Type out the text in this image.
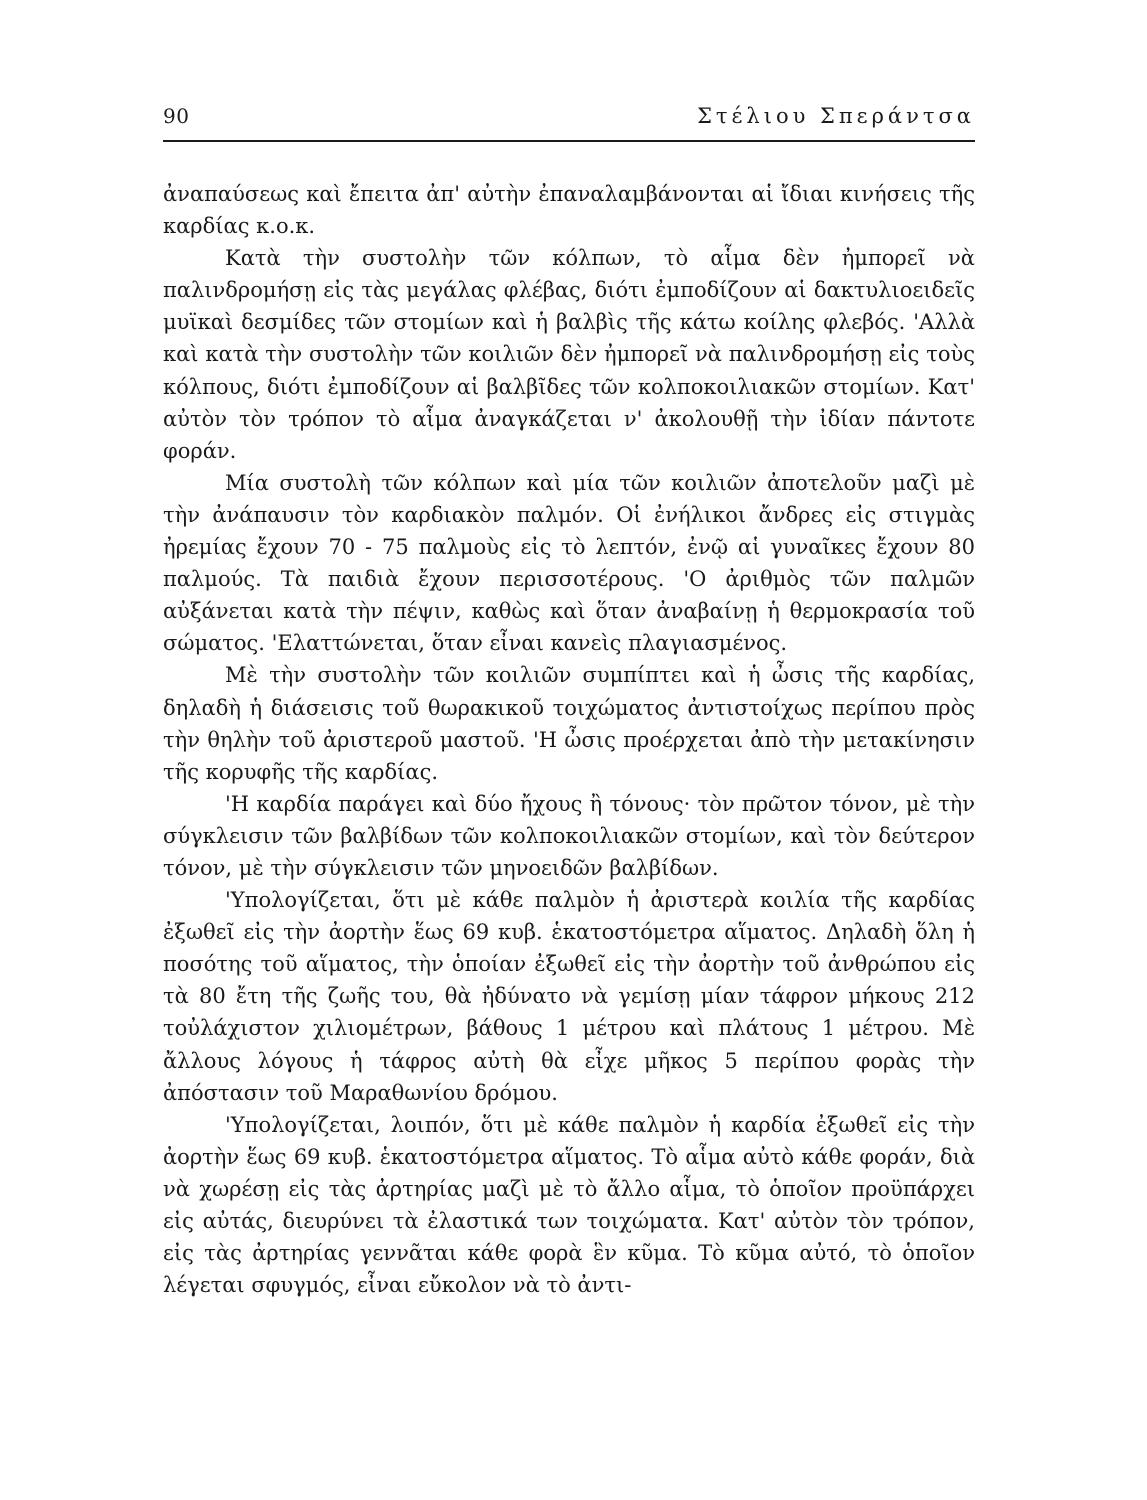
90	Στέλιου Σπεράντσα

ἀναπαύσεως καὶ ἔπειτα ἀπ' αὐτὴν ἐπαναλαμβάνονται αἱ ἴδιαι κινήσεις τῆς καρδίας κ.ο.κ.

Κατὰ τὴν συστολὴν τῶν κόλπων, τὸ αἷμα δὲν ἠμπορεῖ νὰ παλινδρομήσῃ εἰς τὰς μεγάλας φλέβας, διότι ἐμποδίζουν αἱ δακτυλιοειδεῖς μυϊκαὶ δεσμίδες τῶν στομίων καὶ ἡ βαλβὶς τῆς κάτω κοίλης φλεβός. 'Αλλὰ καὶ κατὰ τὴν συστολὴν τῶν κοιλιῶν δὲν ἠμπορεῖ νὰ παλινδρομήσῃ εἰς τοὺς κόλπους, διότι ἐμποδίζουν αἱ βαλβῖδες τῶν κολποκοιλιακῶν στομίων. Κατ' αὐτὸν τὸν τρόπον τὸ αἷμα ἀναγκάζεται ν' ἀκολουθῇ τὴν ἰδίαν πάντοτε φοράν.

Μία συστολὴ τῶν κόλπων καὶ μία τῶν κοιλιῶν ἀποτελοῦν μαζὶ μὲ τὴν ἀνάπαυσιν τὸν καρδιακὸν παλμόν. Οἱ ἐνήλικοι ἄνδρες εἰς στιγμὰς ἠρεμίας ἔχουν 70 - 75 παλμοὺς εἰς τὸ λεπτόν, ἐνῷ αἱ γυναῖκες ἔχουν 80 παλμούς. Τὰ παιδιὰ ἔχουν περισσοτέρους. 'Ο ἀριθμὸς τῶν παλμῶν αὐξάνεται κατὰ τὴν πέψιν, καθὼς καὶ ὅταν ἀναβαίνῃ ἡ θερμοκρασία τοῦ σώματος. 'Ελαττώνεται, ὅταν εἶναι κανεὶς πλαγιασμένος.

Μὲ τὴν συστολὴν τῶν κοιλιῶν συμπίπτει καὶ ἡ ὦσις τῆς καρδίας, δηλαδὴ ἡ διάσεισις τοῦ θωρακικοῦ τοιχώματος ἀντιστοίχως περίπου πρὸς τὴν θηλὴν τοῦ ἀριστεροῦ μαστοῦ. 'Η ὦσις προέρχεται ἀπὸ τὴν μετακίνησιν τῆς κορυφῆς τῆς καρδίας.

'Η καρδία παράγει καὶ δύο ἤχους ἢ τόνους· τὸν πρῶτον τόνον, μὲ τὴν σύγκλεισιν τῶν βαλβίδων τῶν κολποκοιλιακῶν στομίων, καὶ τὸν δεύτερον τόνον, μὲ τὴν σύγκλεισιν τῶν μηνοειδῶν βαλβίδων.

'Υπολογίζεται, ὅτι μὲ κάθε παλμὸν ἡ ἀριστερὰ κοιλία τῆς καρδίας ἐξωθεῖ εἰς τὴν ἀορτὴν ἕως 69 κυβ. ἑκατοστόμετρα αἵματος. Δηλαδὴ ὅλη ἡ ποσότης τοῦ αἵματος, τὴν ὁποίαν ἐξωθεῖ εἰς τὴν ἀορτὴν τοῦ ἀνθρώπου εἰς τὰ 80 ἔτη τῆς ζωῆς του, θὰ ἠδύνατο νὰ γεμίσῃ μίαν τάφρον μήκους 212 τοὐλάχιστον χιλιομέτρων, βάθους 1 μέτρου καὶ πλάτους 1 μέτρου. Μὲ ἄλλους λόγους ἡ τάφρος αὐτὴ θὰ εἶχε μῆκος 5 περίπου φορὰς τὴν ἀπόστασιν τοῦ Μαραθωνίου δρόμου.

'Υπολογίζεται, λοιπόν, ὅτι μὲ κάθε παλμὸν ἡ καρδία ἐξωθεῖ εἰς τὴν ἀορτὴν ἕως 69 κυβ. ἑκατοστόμετρα αἵματος. Τὸ αἷμα αὐτὸ κάθε φοράν, διὰ νὰ χωρέσῃ εἰς τὰς ἀρτηρίας μαζὶ μὲ τὸ ἄλλο αἷμα, τὸ ὁποῖον προϋπάρχει εἰς αὐτάς, διευρύνει τὰ ἐλαστικά των τοιχώματα. Κατ' αὐτὸν τὸν τρόπον, εἰς τὰς ἀρτηρίας γεννᾶται κάθε φορὰ ἓν κῦμα. Τὸ κῦμα αὐτό, τὸ ὁποῖον λέγεται σφυγμός, εἶναι εὔκολον νὰ τὸ ἀντι-
